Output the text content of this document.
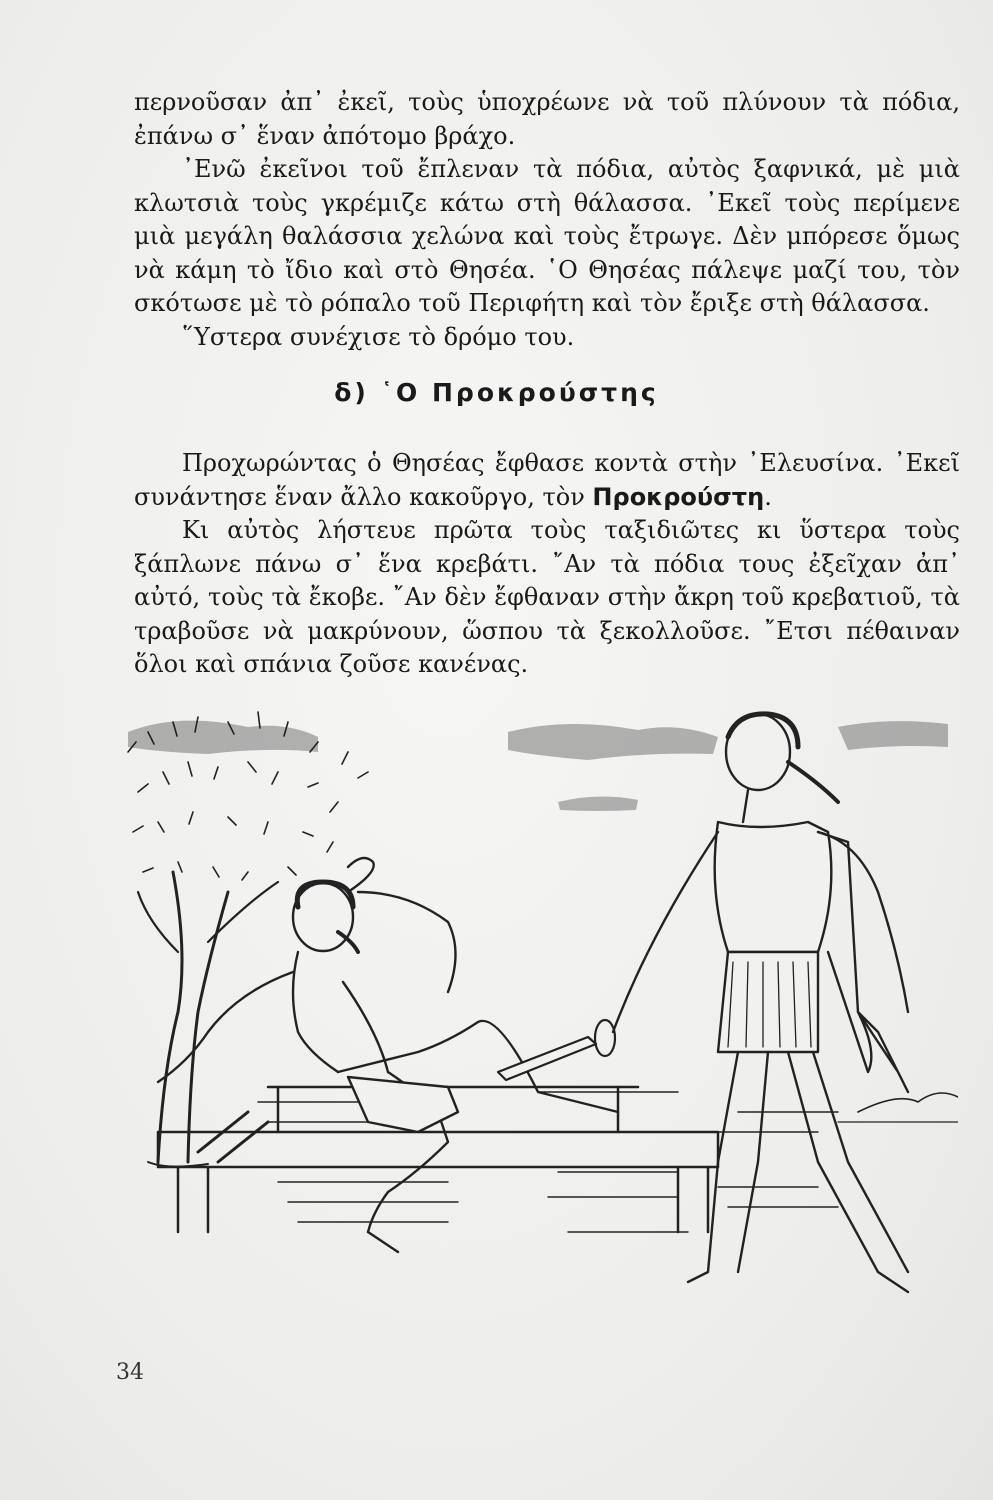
περνοῦσαν ἀπ᾿ ἐκεῖ, τοὺς ὑποχρέωνε νὰ τοῦ πλύνουν τὰ πόδια, ἐπάνω σ᾿ ἕναν ἀπότομο βράχο.

᾿Ενῶ ἐκεῖνοι τοῦ ἔπλεναν τὰ πόδια, αὐτὸς ξαφνικά, μὲ μιὰ κλωτσιὰ τοὺς γκρέμιζε κάτω στὴ θάλασσα. ᾿Εκεῖ τοὺς περίμενε μιὰ μεγάλη θαλάσσια χελώνα καὶ τοὺς ἔτρωγε. Δὲν μπόρεσε ὅμως νὰ κάμη τὸ ἴδιο καὶ στὸ Θησέα. ῾Ο Θησέας πάλεψε μαζί του, τὸν σκότωσε μὲ τὸ ρόπαλο τοῦ Περιφήτη καὶ τὸν ἔριξε στὴ θάλασσα.

῞Υστερα συνέχισε τὸ δρόμο του.

δ) ῾Ο Προκρούστης

Προχωρώντας ὁ Θησέας ἔφθασε κοντὰ στὴν ᾿Ελευσίνα. ᾿Εκεῖ συνάντησε ἕναν ἄλλο κακοῦργο, τὸν Προκρούστη.

Κι αὐτὸς λήστευε πρῶτα τοὺς ταξιδιῶτες κι ὕστερα τοὺς ξάπλωνε πάνω σ᾿ ἕνα κρεβάτι. ῎Αν τὰ πόδια τους ἐξεῖχαν ἀπ᾿ αὐτό, τοὺς τὰ ἔκοβε. ῎Αν δὲν ἔφθαναν στὴν ἄκρη τοῦ κρεβατιοῦ, τὰ τραβοῦσε νὰ μακρύνουν, ὥσπου τὰ ξεκολλοῦσε. ῎Ετσι πέθαιναν ὅλοι καὶ σπάνια ζοῦσε κανένας.

34
